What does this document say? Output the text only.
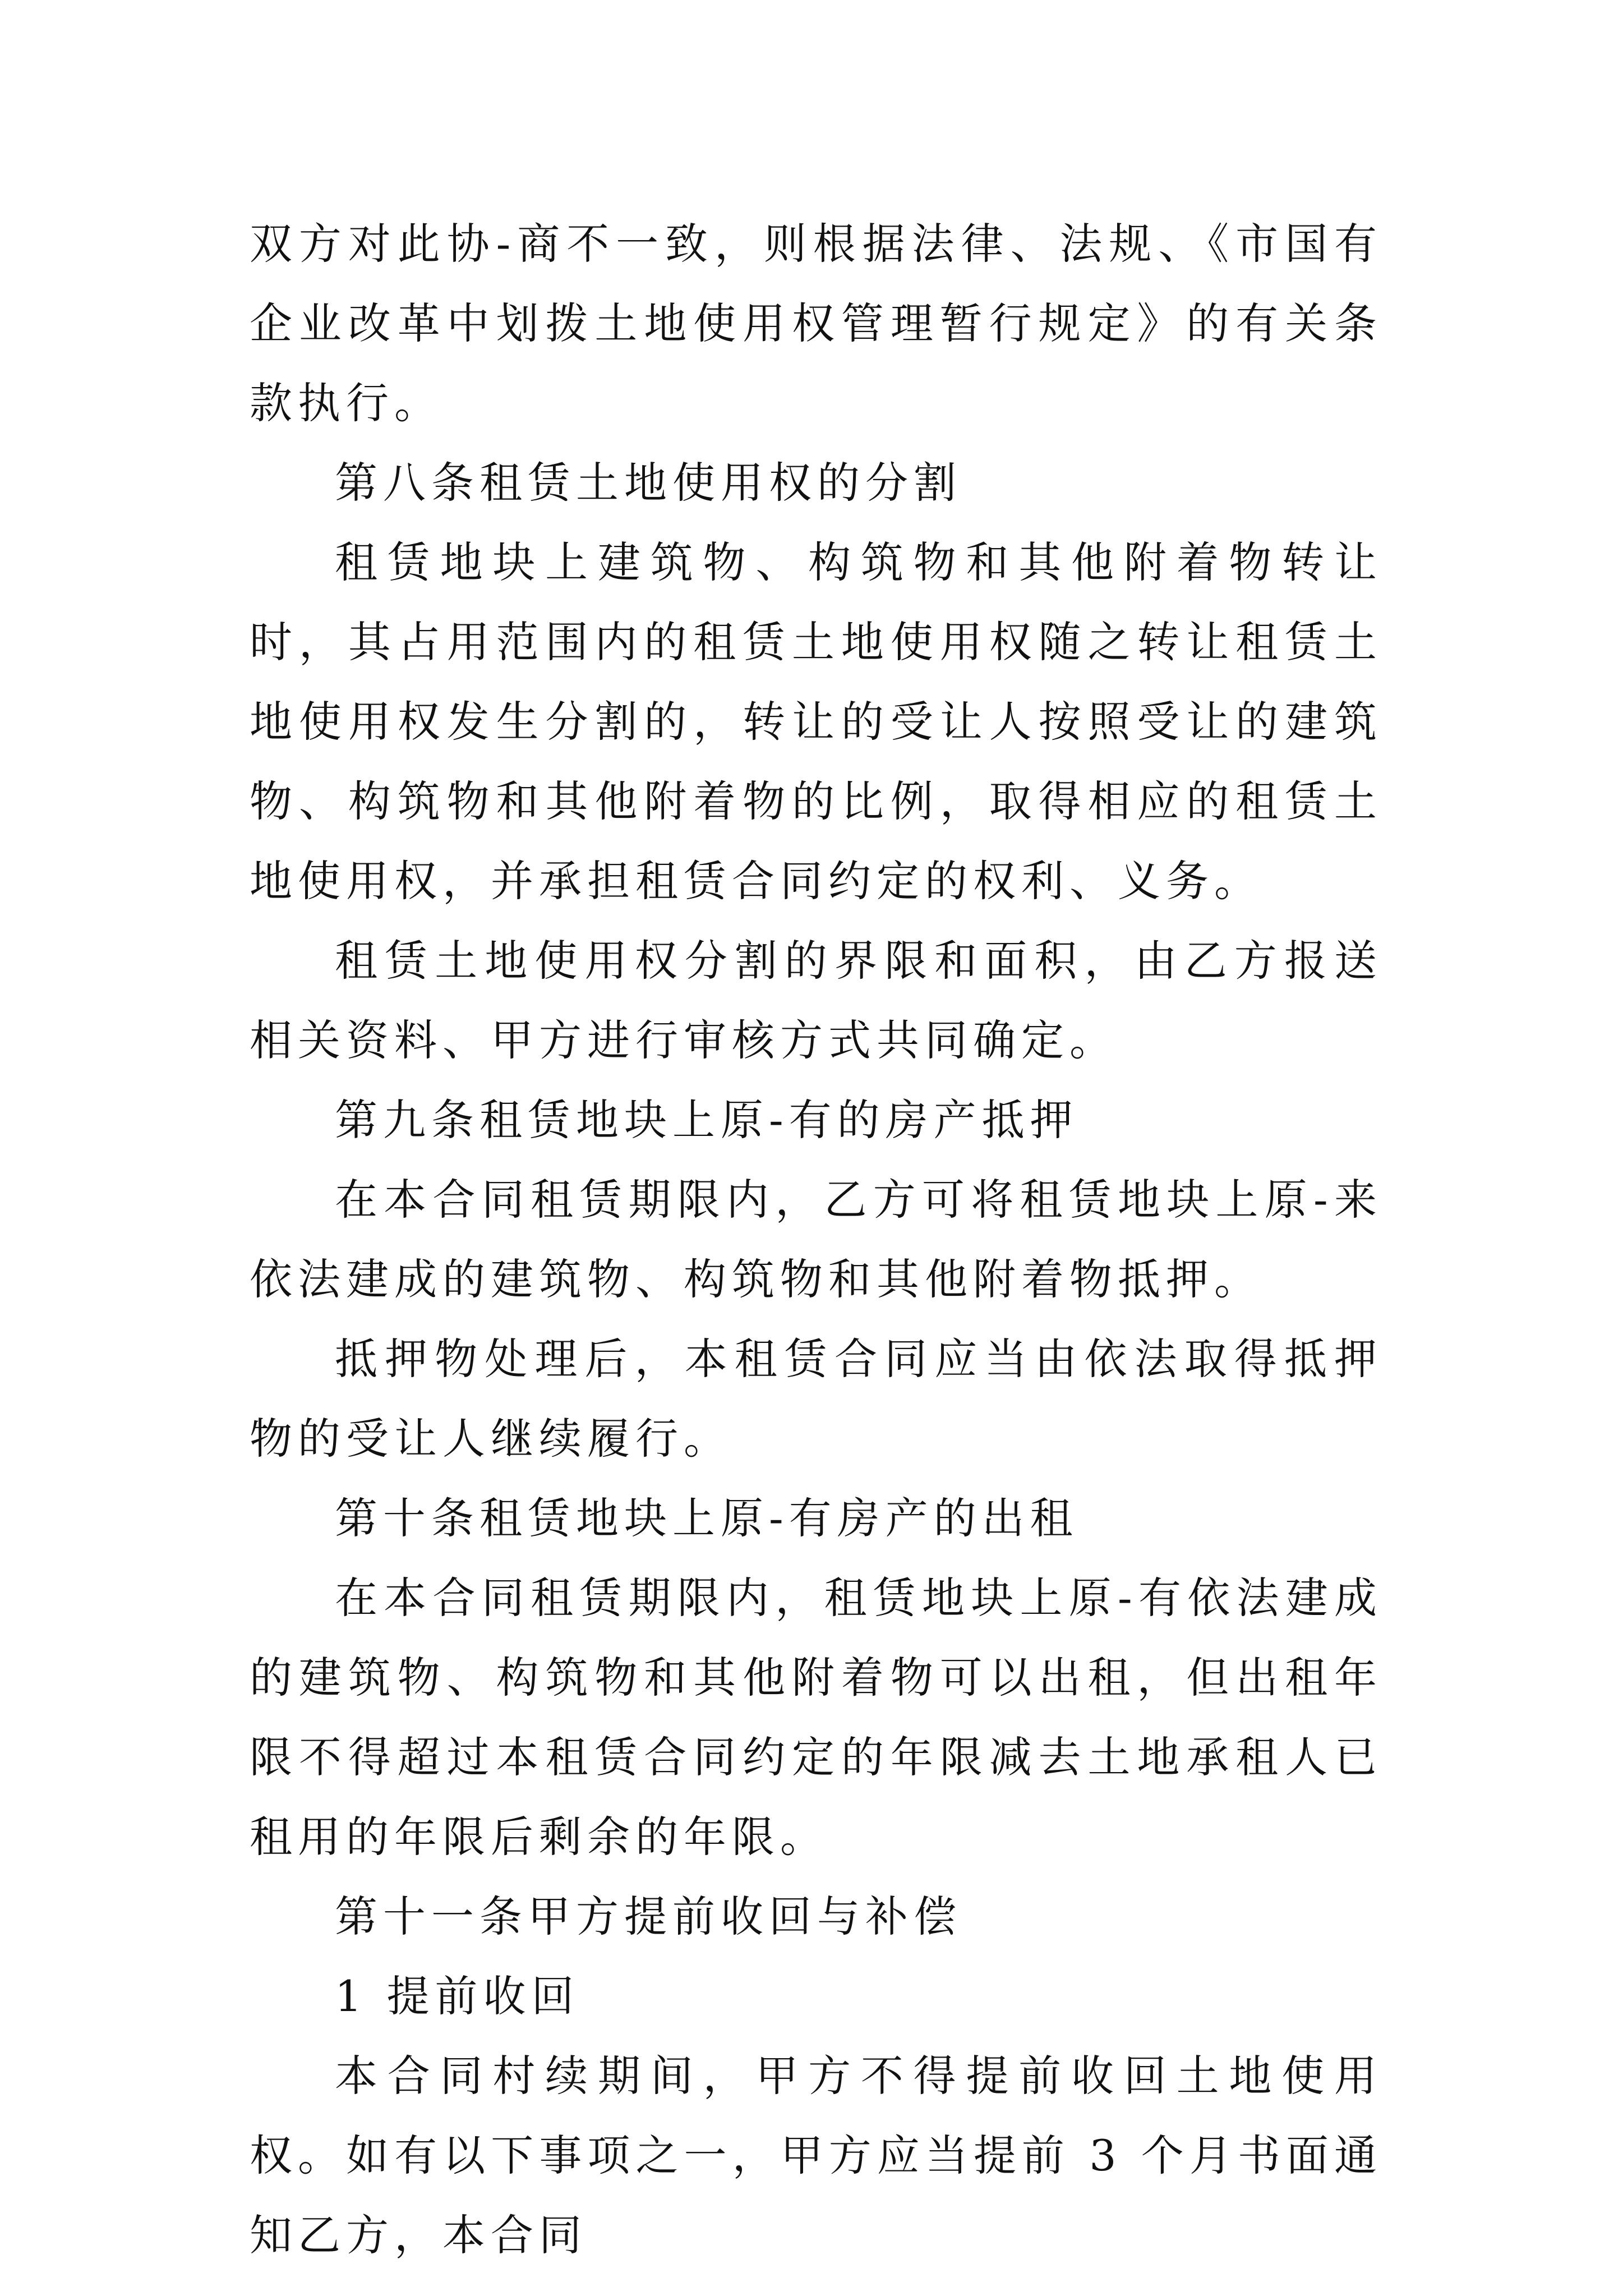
双方对此协-商不一致，则根据法律、法规、《市国有企业改革中划拨土地使用权管理暂行规定》的有关条款执行。

第八条租赁土地使用权的分割

租赁地块上建筑物、构筑物和其他附着物转让时，其占用范围内的租赁土地使用权随之转让租赁土地使用权发生分割的，转让的受让人按照受让的建筑物、构筑物和其他附着物的比例，取得相应的租赁土地使用权，并承担租赁合同约定的权利、义务。

租赁土地使用权分割的界限和面积，由乙方报送相关资料、甲方进行审核方式共同确定。

第九条租赁地块上原-有的房产抵押

在本合同租赁期限内，乙方可将租赁地块上原-来依法建成的建筑物、构筑物和其他附着物抵押。

抵押物处理后，本租赁合同应当由依法取得抵押物的受让人继续履行。

第十条租赁地块上原-有房产的出租

在本合同租赁期限内，租赁地块上原-有依法建成的建筑物、构筑物和其他附着物可以出租，但出租年限不得超过本租赁合同约定的年限减去土地承租人已租用的年限后剩余的年限。

第十一条甲方提前收回与补偿

1 提前收回

本合同村续期间，甲方不得提前收回土地使用权。如有以下事项之一，甲方应当提前 3 个月书面通知乙方，本合同
